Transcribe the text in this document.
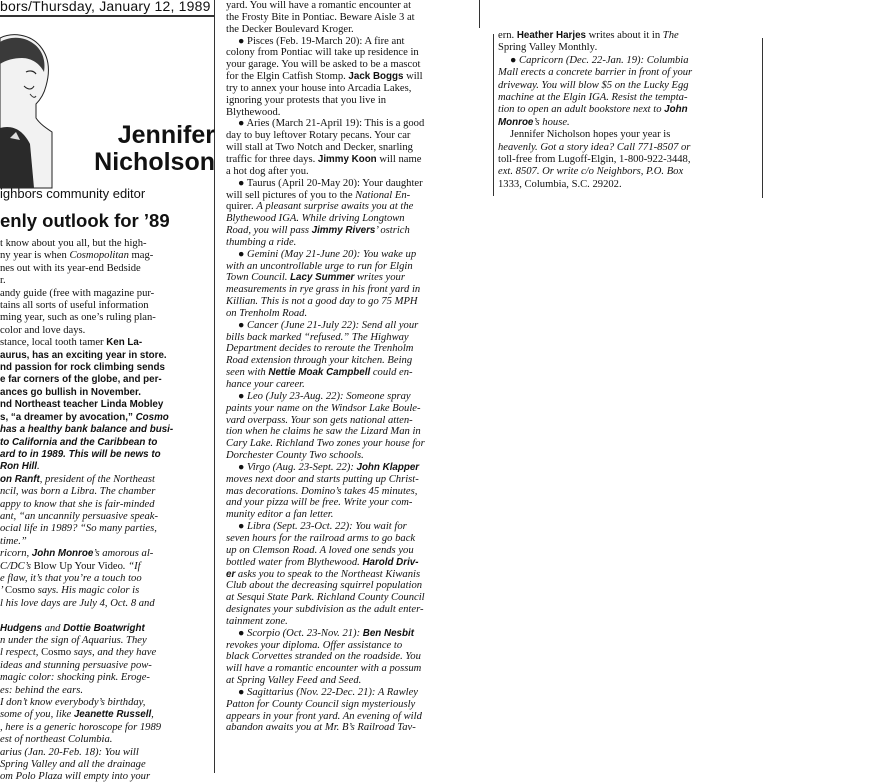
bors/Thursday, January 12, 1989
Jennifer
Nicholson
ighbors community editor
enly outlook for ’89
t know about you all, but the high-
ny year is when Cosmopolitan mag-
nes out with its year-end Bedside
r.
andy guide (free with magazine pur-
tains all sorts of useful information
ming year, such as one’s ruling plan-
color and love days.
stance, local tooth tamer Ken La-
aurus, has an exciting year in store.
nd passion for rock climbing sends
e far corners of the globe, and per-
ances go bullish in November.
nd Northeast teacher Linda Mobley
s, “a dreamer by avocation,” Cosmo
has a healthy bank balance and busi-
to California and the Caribbean to
ard to in 1989. This will be news to
Ron Hill.
on Ranft, president of the Northeast
ncil, was born a Libra. The chamber
appy to know that she is fair-minded
ant, “an uncannily persuasive speak-
ocial life in 1989? “So many parties,
time.”
ricorn, John Monroe’s amorous al-
C/DC’s Blow Up Your Video. “If
e flaw, it’s that you’re a touch too
’ Cosmo says. His magic color is
l his love days are July 4, Oct. 8 and

Hudgens and Dottie Boatwright
n under the sign of Aquarius. They
l respect, Cosmo says, and they have
ideas and stunning persuasive pow-
magic color: shocking pink. Eroge-
es: behind the ears.
I don’t know everybody’s birthday,
some of you, like Jeanette Russell,
, here is a generic horoscope for 1989
est of northeast Columbia.
arius (Jan. 20-Feb. 18): You will
Spring Valley and all the drainage
om Polo Plaza will empty into your
yard. You will have a romantic encounter at
the Frosty Bite in Pontiac. Beware Aisle 3 at
the Decker Boulevard Kroger.
● Pisces (Feb. 19-March 20): A fire ant
colony from Pontiac will take up residence in
your garage. You will be asked to be a mascot
for the Elgin Catfish Stomp. Jack Boggs will
try to annex your house into Arcadia Lakes,
ignoring your protests that you live in
Blythewood.
● Aries (March 21-April 19): This is a good
day to buy leftover Rotary pecans. Your car
will stall at Two Notch and Decker, snarling
traffic for three days. Jimmy Koon will name
a hot dog after you.
● Taurus (April 20-May 20): Your daughter
will sell pictures of you to the National En-
quirer. A pleasant surprise awaits you at the
Blythewood IGA. While driving Longtown
Road, you will pass Jimmy Rivers’ ostrich
thumbing a ride.
● Gemini (May 21-June 20): You wake up
with an uncontrollable urge to run for Elgin
Town Council. Lacy Summer writes your
measurements in rye grass in his front yard in
Killian. This is not a good day to go 75 MPH
on Trenholm Road.
● Cancer (June 21-July 22): Send all your
bills back marked “refused.” The Highway
Department decides to reroute the Trenholm
Road extension through your kitchen. Being
seen with Nettie Moak Campbell could en-
hance your career.
● Leo (July 23-Aug. 22): Someone spray
paints your name on the Windsor Lake Boule-
vard overpass. Your son gets national atten-
tion when he claims he saw the Lizard Man in
Cary Lake. Richland Two zones your house for
Dorchester County Two schools.
● Virgo (Aug. 23-Sept. 22): John Klapper
moves next door and starts putting up Christ-
mas decorations. Domino’s takes 45 minutes,
and your pizza will be free. Write your com-
munity editor a fan letter.
● Libra (Sept. 23-Oct. 22): You wait for
seven hours for the railroad arms to go back
up on Clemson Road. A loved one sends you
bottled water from Blythewood. Harold Driv-
er asks you to speak to the Northeast Kiwanis
Club about the decreasing squirrel population
at Sesqui State Park. Richland County Council
designates your subdivision as the adult enter-
tainment zone.
● Scorpio (Oct. 23-Nov. 21): Ben Nesbit
revokes your diploma. Offer assistance to
black Corvettes stranded on the roadside. You
will have a romantic encounter with a possum
at Spring Valley Feed and Seed.
● Sagittarius (Nov. 22-Dec. 21): A Rawley
Patton for County Council sign mysteriously
appears in your front yard. An evening of wild
abandon awaits you at Mr. B’s Railroad Tav-
ern. Heather Harjes writes about it in The
Spring Valley Monthly.
● Capricorn (Dec. 22-Jan. 19): Columbia
Mall erects a concrete barrier in front of your
driveway. You will blow $5 on the Lucky Egg
machine at the Elgin IGA. Resist the tempta-
tion to open an adult bookstore next to John
Monroe’s house.
Jennifer Nicholson hopes your year is
heavenly. Got a story idea? Call 771-8507 or
toll-free from Lugoff-Elgin, 1-800-922-3448,
ext. 8507. Or write c/o Neighbors, P.O. Box
1333, Columbia, S.C. 29202.
